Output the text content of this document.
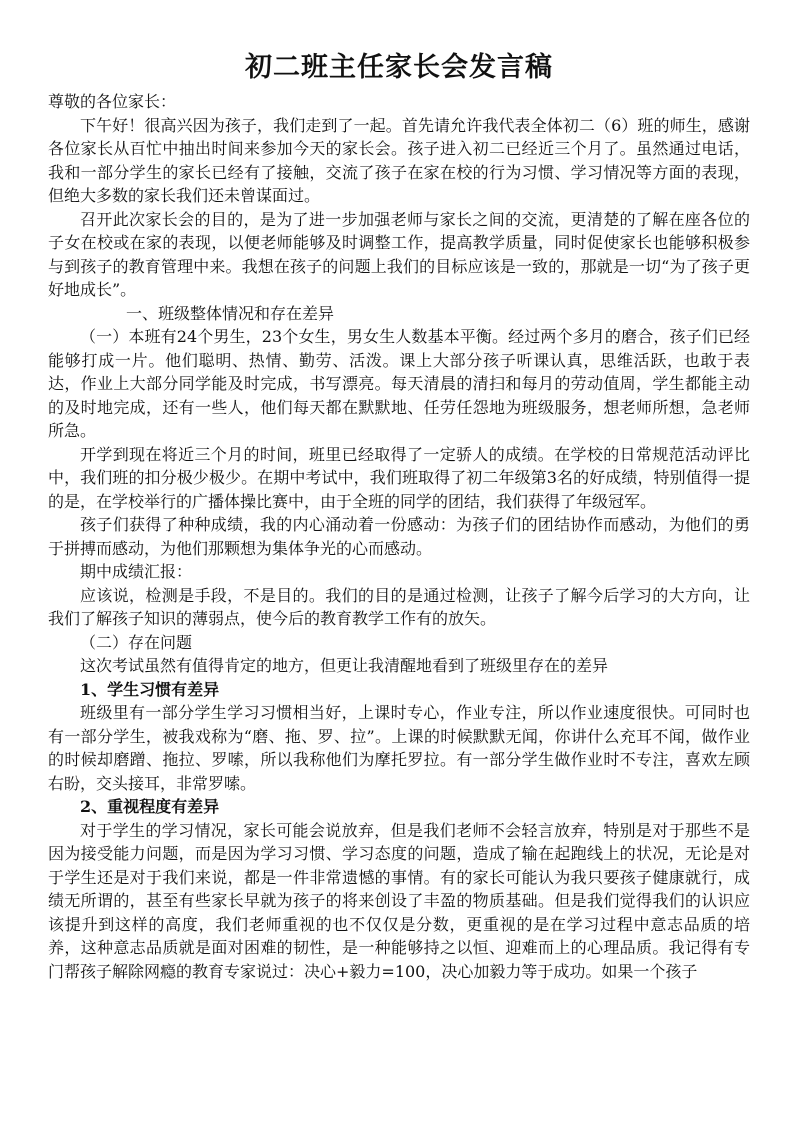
初二班主任家长会发言稿

尊敬的各位家长：

下午好！很高兴因为孩子，我们走到了一起。首先请允许我代表全体初二（6）班的师生，感谢各位家长从百忙中抽出时间来参加今天的家长会。孩子进入初二已经近三个月了。虽然通过电话，我和一部分学生的家长已经有了接触，交流了孩子在家在校的行为习惯、学习情况等方面的表现，但绝大多数的家长我们还未曾谋面过。

召开此次家长会的目的，是为了进一步加强老师与家长之间的交流，更清楚的了解在座各位的子女在校或在家的表现，以便老师能够及时调整工作，提高教学质量，同时促使家长也能够积极参与到孩子的教育管理中来。我想在孩子的问题上我们的目标应该是一致的，那就是一切“为了孩子更好地成长”。

一、班级整体情况和存在差异

（一）本班有24个男生，23个女生，男女生人数基本平衡。经过两个多月的磨合，孩子们已经能够打成一片。他们聪明、热情、勤劳、活泼。课上大部分孩子听课认真，思维活跃，也敢于表达，作业上大部分同学能及时完成，书写漂亮。每天清晨的清扫和每月的劳动值周，学生都能主动的及时地完成，还有一些人，他们每天都在默默地、任劳任怨地为班级服务，想老师所想，急老师所急。

开学到现在将近三个月的时间，班里已经取得了一定骄人的成绩。在学校的日常规范活动评比中，我们班的扣分极少极少。在期中考试中，我们班取得了初二年级第3名的好成绩，特别值得一提的是，在学校举行的广播体操比赛中，由于全班的同学的团结，我们获得了年级冠军。

孩子们获得了种种成绩，我的内心涌动着一份感动：为孩子们的团结协作而感动，为他们的勇于拼搏而感动，为他们那颗想为集体争光的心而感动。

期中成绩汇报：

应该说，检测是手段，不是目的。我们的目的是通过检测，让孩子了解今后学习的大方向，让我们了解孩子知识的薄弱点，使今后的教育教学工作有的放矢。

（二）存在问题

这次考试虽然有值得肯定的地方，但更让我清醒地看到了班级里存在的差异

1、学生习惯有差异

班级里有一部分学生学习习惯相当好，上课时专心，作业专注，所以作业速度很快。可同时也有一部分学生，被我戏称为“磨、拖、罗、拉”。上课的时候默默无闻，你讲什么充耳不闻，做作业的时候却磨蹭、拖拉、罗嗦，所以我称他们为摩托罗拉。有一部分学生做作业时不专注，喜欢左顾右盼，交头接耳，非常罗嗦。

2、重视程度有差异

对于学生的学习情况，家长可能会说放弃，但是我们老师不会轻言放弃，特别是对于那些不是因为接受能力问题，而是因为学习习惯、学习态度的问题，造成了输在起跑线上的状况，无论是对于学生还是对于我们来说，都是一件非常遗憾的事情。有的家长可能认为我只要孩子健康就行，成绩无所谓的，甚至有些家长早就为孩子的将来创设了丰盈的物质基础。但是我们觉得我们的认识应该提升到这样的高度，我们老师重视的也不仅仅是分数，更重视的是在学习过程中意志品质的培养，这种意志品质就是面对困难的韧性，是一种能够持之以恒、迎难而上的心理品质。我记得有专门帮孩子解除网瘾的教育专家说过：决心+毅力=100，决心加毅力等于成功。如果一个孩子
